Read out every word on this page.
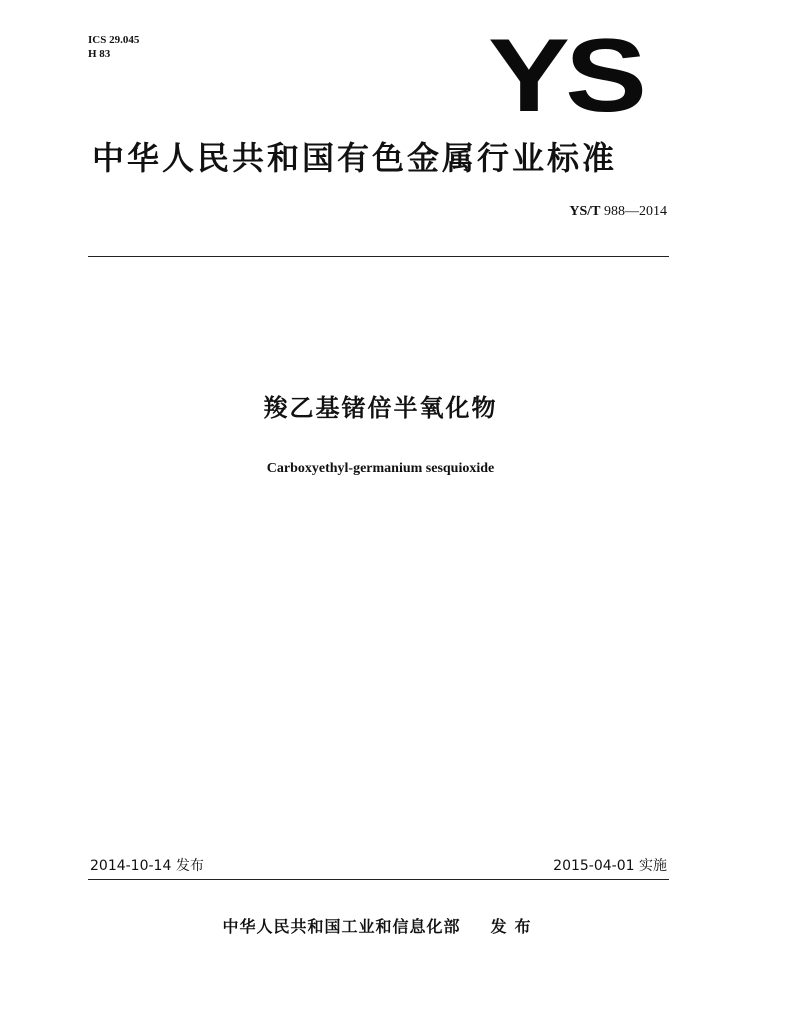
ICS 29.045
H 83	YS
中华人民共和国有色金属行业标准
YS/T 988—2014
羧乙基锗倍半氧化物
Carboxyethyl-germanium sesquioxide
2014-10-14 发布	2015-04-01 实施
中华人民共和国工业和信息化部 发布
